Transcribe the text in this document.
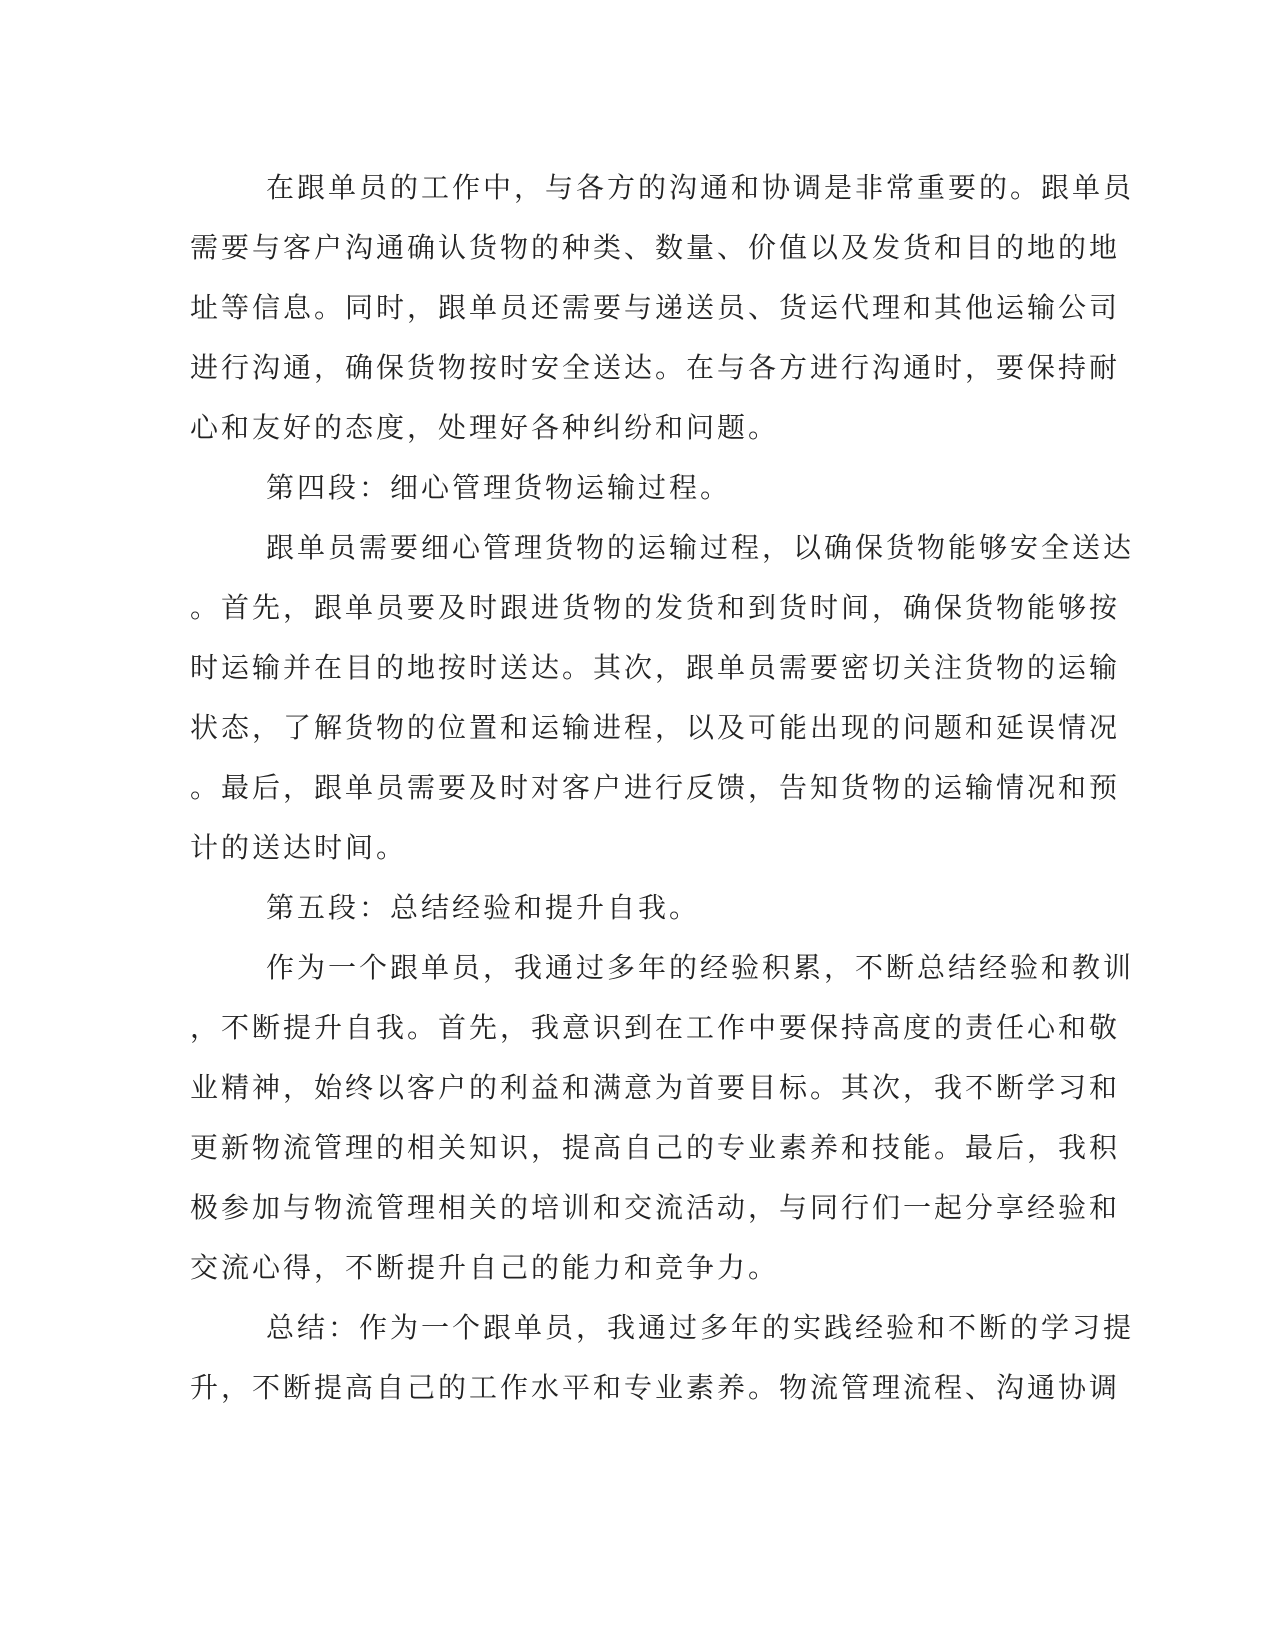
在跟单员的工作中，与各方的沟通和协调是非常重要的。跟单员
需要与客户沟通确认货物的种类、数量、价值以及发货和目的地的地
址等信息。同时，跟单员还需要与递送员、货运代理和其他运输公司
进行沟通，确保货物按时安全送达。在与各方进行沟通时，要保持耐
心和友好的态度，处理好各种纠纷和问题。
第四段：细心管理货物运输过程。
跟单员需要细心管理货物的运输过程，以确保货物能够安全送达
。首先，跟单员要及时跟进货物的发货和到货时间，确保货物能够按
时运输并在目的地按时送达。其次，跟单员需要密切关注货物的运输
状态，了解货物的位置和运输进程，以及可能出现的问题和延误情况
。最后，跟单员需要及时对客户进行反馈，告知货物的运输情况和预
计的送达时间。
第五段：总结经验和提升自我。
作为一个跟单员，我通过多年的经验积累，不断总结经验和教训
，不断提升自我。首先，我意识到在工作中要保持高度的责任心和敬
业精神，始终以客户的利益和满意为首要目标。其次，我不断学习和
更新物流管理的相关知识，提高自己的专业素养和技能。最后，我积
极参加与物流管理相关的培训和交流活动，与同行们一起分享经验和
交流心得，不断提升自己的能力和竞争力。
总结：作为一个跟单员，我通过多年的实践经验和不断的学习提
升，不断提高自己的工作水平和专业素养。物流管理流程、沟通协调
